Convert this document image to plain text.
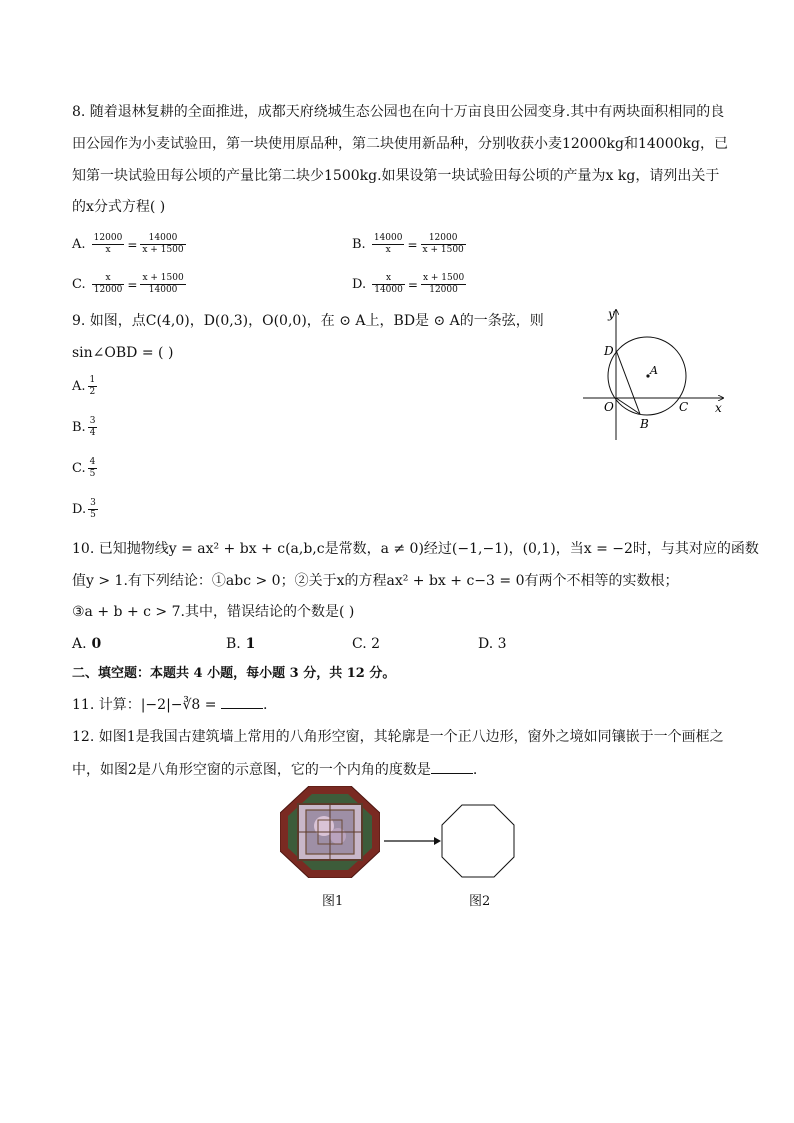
8. 随着退林复耕的全面推进，成都天府绕城生态公园也在向十万亩良田公园变身.其中有两块面积相同的良
田公园作为小麦试验田，第一块使用原品种，第二块使用新品种，分别收获小麦12000kg和14000kg，已
知第一块试验田每公顷的产量比第二块少1500kg.如果设第一块试验田每公顷的产量为x kg，请列出关于
的x分式方程( )
A. $\frac{12000}{x} = \frac{14000}{x + 1500}$	B. $\frac{14000}{x} = \frac{12000}{x + 1500}$
C. $\frac{x}{12000} = \frac{x + 1500}{14000}$	D. $\frac{x}{14000} = \frac{x + 1500}{12000}$
9. 如图，点C(4,0)，D(0,3)，O(0,0)，在 ⊙ A上，BD是 ⊙ A的一条弦，则
sin∠OBD = ( )
A. $\frac{1}{2}$
B. $\frac{3}{4}$
C. $\frac{4}{5}$
D. $\frac{3}{5}$
y
x
D
A
O	C
B
10. 已知抛物线y = ax² + bx + c(a,b,c是常数，a ≠ 0)经过(−1,−1)，(0,1)，当x = −2时，与其对应的函数
值y > 1.有下列结论：①abc > 0；②关于x的方程ax² + bx + c−3 = 0有两个不相等的实数根；
③a + b + c > 7.其中，错误结论的个数是( )
A. 0	B. 1	C. 2	D. 3
二、填空题：本题共 4 小题，每小题 3 分，共 12 分。
11. 计算：|−2|−∛8 =	.
12. 如图1是我国古建筑墙上常用的八角形空窗，其轮廓是一个正八边形，窗外之境如同镶嵌于一个画框之
中，如图2是八角形空窗的示意图，它的一个内角的度数是	.
图1	图2
